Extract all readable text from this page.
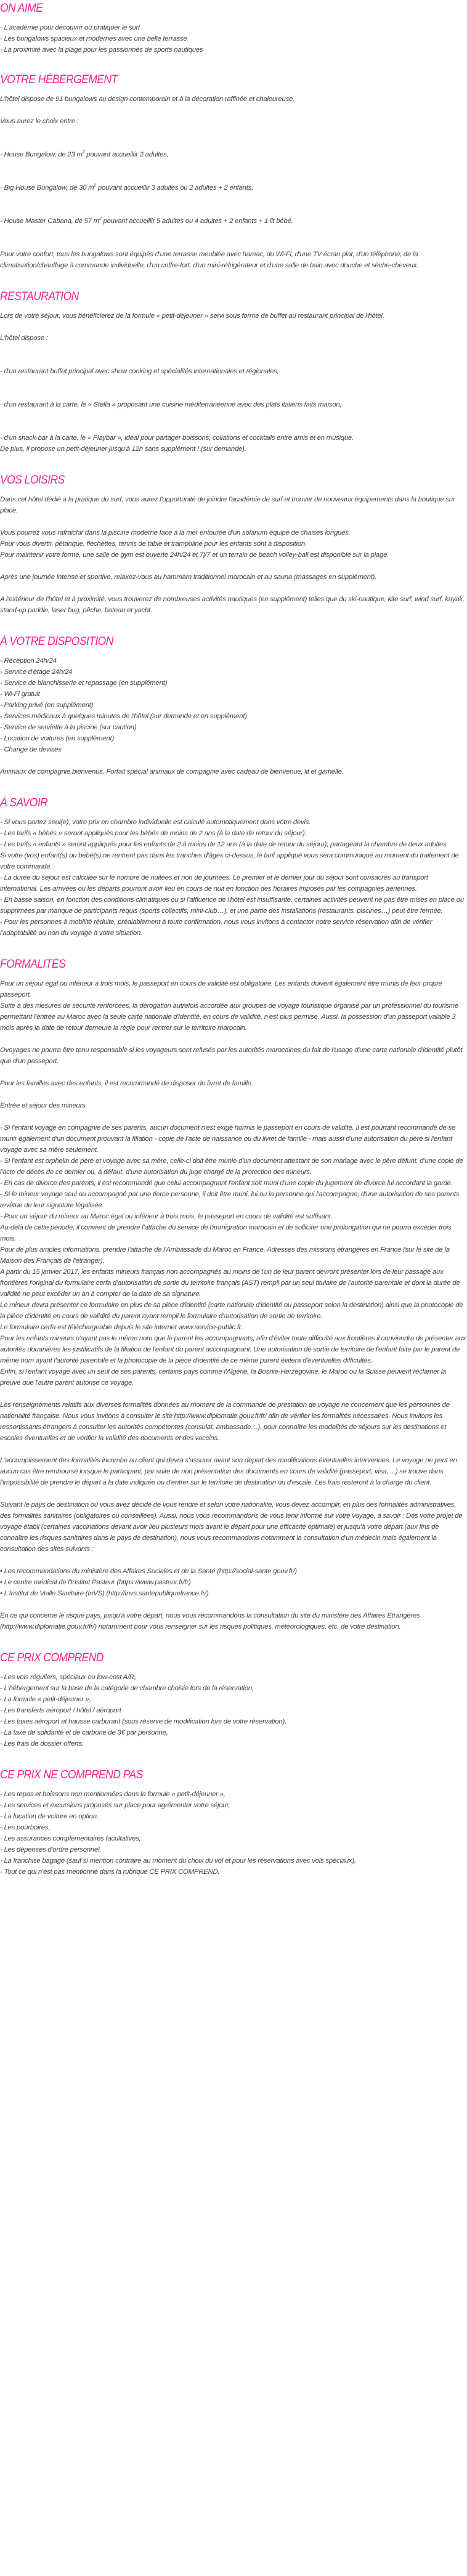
ON AIME
- L'académie pour découvrir ou pratiquer le surf
- Les bungalows spacieux et modernes avec une belle terrasse
- La proximité avec la plage pour les passionnés de sports nautiques
VOTRE HÉBERGEMENT

L'hôtel dispose de 91 bungalows au design contemporain et à la décoration raffinée et chaleureuse.

Vous aurez le choix entre :

- House Bungalow, de 23 $m^2$ pouvant accueillir 2 adultes,

- Big House Bungalow, de 30 $m^2$ pouvant accueillir 3 adultes ou 2 adultes + 2 enfants,

- House Master Cabana, de 57 $m^2$ pouvant accueillir 5 adultes ou 4 adultes + 2 enfants + 1 lit bébé.

Pour votre confort, tous les bungalows sont équipés d'une terrasse meublée avec hamac, du Wi-Fi, d'une TV écran plat, d'un téléphone, de la climatisation/chauffage à commande individuelle, d'un coffre-fort, d'un mini-réfrigérateur et d'une salle de bain avec douche et sèche-cheveux.

RESTAURATION

Lors de votre séjour, vous bénéficierez de la formule « petit-déjeuner » servi sous forme de buffet au restaurant principal de l'hôtel.

L'hôtel dispose :

- d'un restaurant buffet principal avec show cooking et spécialités internationales et régionales,

- d'un restaurant à la carte, le « Stella » proposant une cuisine méditerranéenne avec des plats italiens faits maison,

- d'un snack-bar à la carte, le « Playbar », idéal pour partager boissons, collations et cocktails entre amis et en musique.

De plus, il propose un petit-déjeuner jusqu'à 12h sans supplément ! (sur demande).

VOS LOISIRS

Dans cet hôtel dédié à la pratique du surf, vous aurez l'opportunité de joindre l'académie de surf et trouver de nouveaux équipements dans la boutique sur place.

Vous pourrez vous rafraichir dans la piscine moderne face à la mer entourée d'un solarium équipé de chaises longues.
Pour vous divertir, pétanque, fléchettes, tennis de table et trampoline pour les enfants sont à disposition.
Pour maintenir votre forme, une salle de gym est ouverte 24h/24 et 7j/7 et un terrain de beach volley-ball est disponible sur la plage.

Après une journée intense et sportive, relaxez-vous au hammam traditionnel marocain et au sauna (massages en supplément).

A l'extérieur de l'hôtel et à proximité, vous trouverez de nombreuses activités nautiques (en supplément) telles que du ski-nautique, kite surf, wind surf, kayak, stand-up paddle, laser bug, pêche, bateau et yacht.

À VOTRE DISPOSITION
- Réception 24h/24
- Service d'étage 24h/24
- Service de blanchisserie et repassage (en supplément)
- Wi-Fi gratuit
- Parking privé (en supplément)
- Services médicaux à quelques minutes de l'hôtel (sur demande et en supplément)
- Service de serviette à la piscine (sur caution)
- Location de voitures (en supplément)
- Change de devises

Animaux de compagnie bienvenus. Forfait spécial animaux de compagnie avec cadeau de bienvenue, lit et gamelle.

À SAVOIR
- Si vous partez seul(e), votre prix en chambre individuelle est calculé automatiquement dans votre devis.
- Les tarifs « bébés » seront appliqués pour les bébés de moins de 2 ans (à la date de retour du séjour).
- Les tarifs « enfants » seront appliqués pour les enfants de 2 à moins de 12 ans (à la date de retour du séjour), partageant la chambre de deux adultes.
Si votre (vos) enfant(s) ou bébé(s) ne rentrent pas dans les tranches d'âges ci-dessus, le tarif appliqué vous sera communiqué au moment du traitement de votre commande.
- La durée du séjour est calculée sur le nombre de nuitées et non de journées. Le premier et le dernier jour du séjour sont consacrés au transport international. Les arrivées ou les départs pourront avoir lieu en cours de nuit en fonction des horaires imposés par les compagnies aériennes.
- En basse saison, en fonction des conditions climatiques ou si l'affluence de l'hôtel est insuffisante, certaines activités peuvent ne pas être mises en place ou supprimées par manque de participants requis (sports collectifs, mini-club…), et une partie des installations (restaurants, piscines…) peut être fermée.
- Pour les personnes à mobilité réduite, préalablement à toute confirmation, nous vous invitons à contacter notre service réservation afin de vérifier l'adaptabilité ou non du voyage à votre situation.
FORMALITÉS

Pour un séjour égal ou inférieur à trois mois, le passeport en cours de validité est obligatoire. Les enfants doivent également être munis de leur propre passeport.
Suite à des mesures de sécurité renforcées, la dérogation autrefois accordée aux groupes de voyage touristique organisé par un professionnel du tourisme permettant l'entrée au Maroc avec la seule carte nationale d'identité, en cours de validité, n'est plus permise. Aussi, la possession d'un passeport valable 3 mois après la date de retour demeure la règle pour rentrer sur le territoire marocain.

Ovoyages ne pourra être tenu responsable si les voyageurs sont refusés par les autorités marocaines du fait de l'usage d'une carte nationale d'identité plutôt que d'un passeport.

Pour les familles avec des enfants, il est recommandé de disposer du livret de famille.

Entrée et séjour des mineurs

- Si l'enfant voyage en compagnie de ses parents, aucun document n'est exigé hormis le passeport en cours de validité. Il est pourtant recommandé de se munir également d'un document prouvant la filiation - copie de l'acte de naissance ou du livret de famille - mais aussi d'une autorisation du père si l'enfant voyage avec sa mère seulement.
- Si l'enfant est orphelin de père et voyage avec sa mère, celle-ci doit être munie d'un document attestant de son mariage avec le père défunt, d'une copie de l'acte de décès de ce dernier ou, à défaut, d'une autorisation du juge chargé de la protection des mineurs.
- En cas de divorce des parents, il est recommandé que celui accompagnant l'enfant soit muni d'une copie du jugement de divorce lui accordant la garde.
- Si le mineur voyage seul ou accompagné par une tierce personne, il doit être muni, lui ou la personne qui l'accompagne, d'une autorisation de ses parents revêtue de leur signature légalisée.
- Pour un séjour du mineur au Maroc égal ou inférieur à trois mois, le passeport en cours de validité est suffisant.
Au-delà de cette période, il convient de prendre l'attache du service de l'immigration marocain et de solliciter une prolongation qui ne pourra excéder trois mois.
Pour de plus amples informations, prendre l'attache de l'Ambassade du Maroc en France. Adresses des missions étrangères en France (sur le site de la Maison des Français de l'étranger).
A partir du 15 janvier 2017, les enfants mineurs français non accompagnés au moins de l'un de leur parent devront présenter lors de leur passage aux frontières l'original du formulaire cerfa d'autorisation de sortie du territoire français (AST) rempli par un seul titulaire de l'autorité parentale et dont la durée de validité ne peut excéder un an à compter de la date de sa signature.
Le mineur devra présenter ce formulaire en plus de sa pièce d'identité (carte nationale d'identité ou passeport selon la destination) ainsi que la photocopie de la pièce d'identité en cours de validité du parent ayant rempli le formulaire d'autorisation de sortie de territoire.
Le formulaire cerfa est téléchargeable depuis le site internet www.service-public.fr.
Pour les enfants mineurs n'ayant pas le même nom que le parent les accompagnants, afin d'éviter toute difficulté aux frontières il conviendra de présenter aux autorités douanières les justificatifs de la filiation de l'enfant du parent accompagnant. Une autorisation de sortie de territoire de l'enfant faite par le parent de même nom ayant l'autorité parentale et la photocopie de la pièce d'identité de ce même parent évitera d'éventuelles difficultés.
Enfin, si l'enfant voyage avec un seul de ses parents, certains pays comme l'Algérie, la Bosnie-Herzégovine, le Maroc ou la Suisse peuvent réclamer la preuve que l'autre parent autorise ce voyage.

Les renseignements relatifs aux diverses formalités données au moment de la commande de prestation de voyage ne concernent que les personnes de nationalité française. Nous vous invitons à consulter le site http://www.diplomatie.gouv.fr/fr/ afin de vérifier les formalités nécessaires. Nous invitons les ressortissants étrangers à consulter les autorités compétentes (consulat, ambassade…), pour connaître les modalités de séjours sur les destinations et escales éventuelles et de vérifier la validité des documents et des vaccins.

L'accomplissement des formalités incombe au client qui devra s'assurer avant son départ des modifications éventuelles intervenues. Le voyage ne peut en aucun cas être remboursé lorsque le participant, par suite de non présentation des documents en cours de validité (passeport, visa, ...) se trouve dans l'impossibilité de prendre le départ à la date indiquée ou d'entrer sur le territoire de destination ou d'escale. Les frais resteront à la charge du client.

Suivant le pays de destination où vous avez décidé de vous rendre et selon votre nationalité, vous devez accomplir, en plus des formalités administratives, des formalités sanitaires (obligatoires ou conseillées). Aussi, nous vous recommandons de vous tenir informé sur votre voyage, à savoir : Dès votre projet de voyage établi (certaines vaccinations devant avoir lieu plusieurs mois avant le départ pour une efficacité optimale) et jusqu'à votre départ (aux fins de connaître les risques sanitaires dans le pays de destination), nous vous recommandons notamment la consultation d'un médecin mais également la consultation des sites suivants :

• Les recommandations du ministère des Affaires Sociales et de la Santé (http://social-sante.gouv.fr/)
• Le centre médical de l'Institut Pasteur (https://www.pasteur.fr/fr)
• L'Institut de Veille Sanitaire (InVS) (http://invs.santepubliquefrance.fr/)

En ce qui concerne le risque pays, jusqu'à votre départ, nous vous recommandons la consultation du site du ministère des Affaires Etrangères (http://www.diplomatie.gouv.fr/fr/) notamment pour vous renseigner sur les risques politiques, météorologiques, etc. de votre destination.

CE PRIX COMPREND
- Les vols réguliers, spéciaux ou low-cost A/R,
- L'hébergement sur la base de la catégorie de chambre choisie lors de la réservation,
- La formule « petit-déjeuner »,
- Les transferts aéroport / hôtel / aéroport
- Les taxes aéroport et hausse carburant (sous réserve de modification lors de votre réservation),
- La taxe de solidarité et de carbone de 3€ par personne,
- Les frais de dossier offerts.
CE PRIX NE COMPREND PAS
- Les repas et boissons non mentionnées dans la formule « petit-déjeuner »,
- Les services et excursions proposés sur place pour agrémenter votre séjour,
- La location de voiture en option,
- Les pourboires,
- Les assurances complémentaires facultatives,
- Les dépenses d'ordre personnel,
- La franchise bagage (sauf si mention contraire au moment du choix du vol et pour les réservations avec vols spéciaux),
- Tout ce qui n'est pas mentionné dans la rubrique CE PRIX COMPREND.
